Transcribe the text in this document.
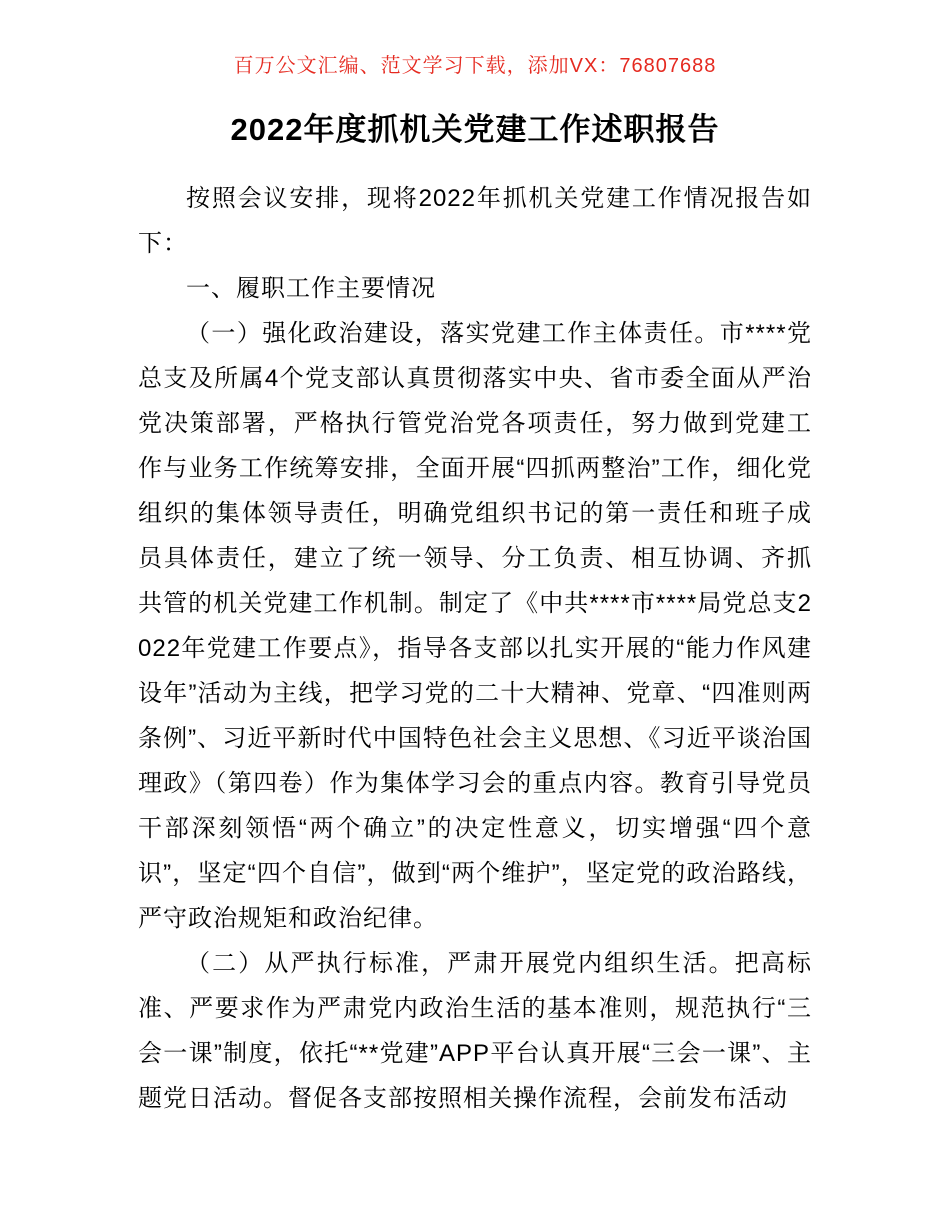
百万公文汇编、范文学习下载，添加VX：76807688
2022年度抓机关党建工作述职报告

按照会议安排，现将2022年抓机关党建工作情况报告如下：

一、履职工作主要情况

（一）强化政治建设，落实党建工作主体责任。市****党总支及所属4个党支部认真贯彻落实中央、省市委全面从严治党决策部署，严格执行管党治党各项责任，努力做到党建工作与业务工作统筹安排，全面开展“四抓两整治”工作，细化党组织的集体领导责任，明确党组织书记的第一责任和班子成员具体责任，建立了统一领导、分工负责、相互协调、齐抓共管的机关党建工作机制。制定了《中共****市****局党总支2022年党建工作要点》，指导各支部以扎实开展的“能力作风建设年”活动为主线，把学习党的二十大精神、党章、“四准则两条例”、习近平新时代中国特色社会主义思想、《习近平谈治国理政》（第四卷）作为集体学习会的重点内容。教育引导党员干部深刻领悟“两个确立”的决定性意义，切实增强“四个意识”，坚定“四个自信”，做到“两个维护”，坚定党的政治路线，严守政治规矩和政治纪律。

（二）从严执行标准，严肃开展党内组织生活。把高标准、严要求作为严肃党内政治生活的基本准则，规范执行“三会一课”制度，依托“**党建”APP平台认真开展“三会一课”、主题党日活动。督促各支部按照相关操作流程，会前发布活动
